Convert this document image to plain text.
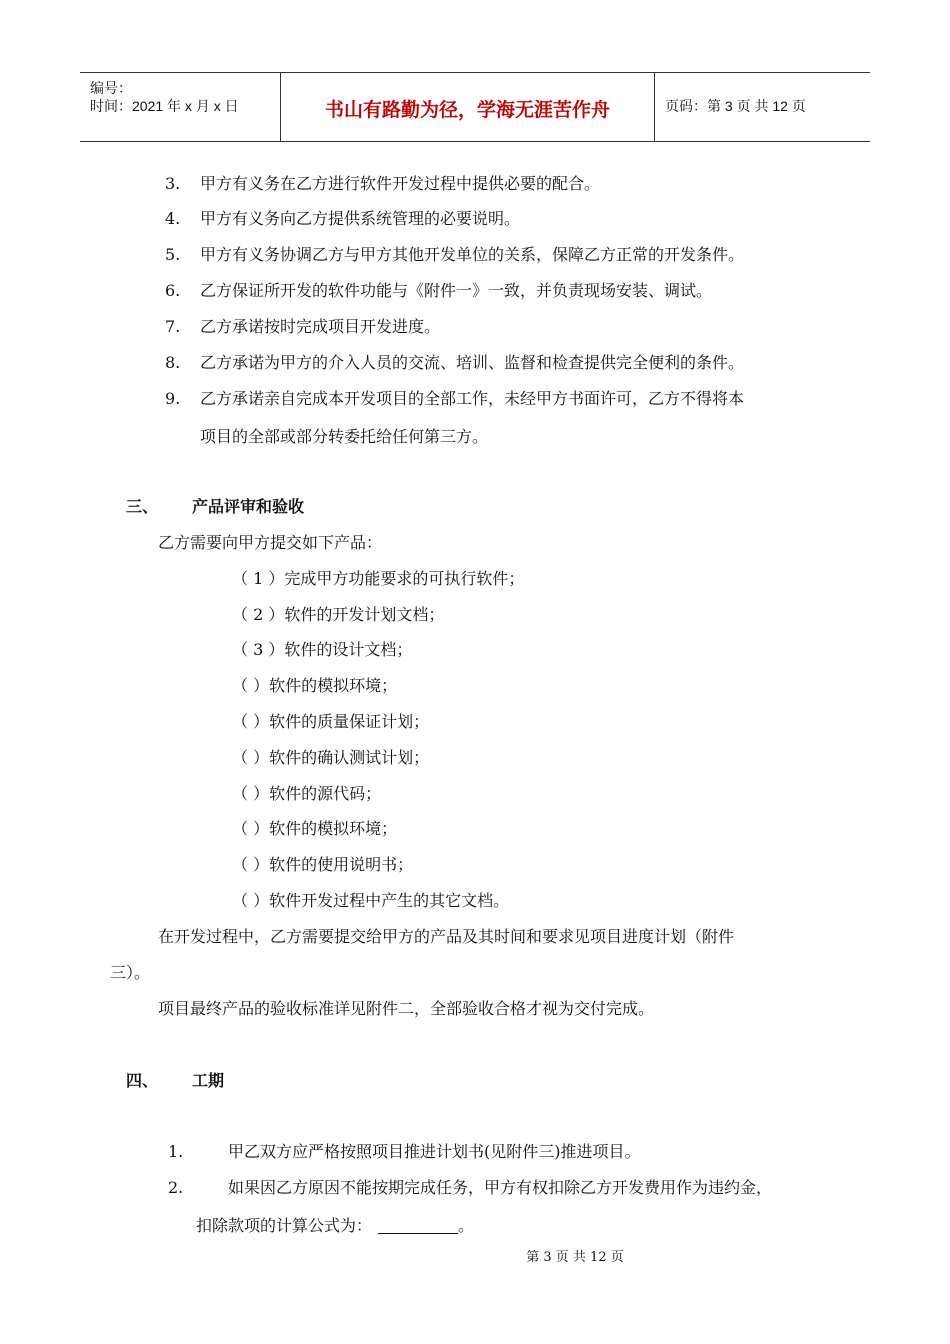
编号：
时间：2021 年 x 月 x 日	书山有路勤为径，学海无涯苦作舟	页码：第 3 页 共 12 页
3. 甲方有义务在乙方进行软件开发过程中提供必要的配合。
4. 甲方有义务向乙方提供系统管理的必要说明。
5. 甲方有义务协调乙方与甲方其他开发单位的关系，保障乙方正常的开发条件。
6. 乙方保证所开发的软件功能与《附件一》一致，并负责现场安装、调试。
7. 乙方承诺按时完成项目开发进度。
8. 乙方承诺为甲方的介入人员的交流、培训、监督和检查提供完全便利的条件。
9. 乙方承诺亲自完成本开发项目的全部工作，未经甲方书面许可，乙方不得将本
项目的全部或部分转委托给任何第三方。
三、 产品评审和验收
乙方需要向甲方提交如下产品：
（ 1 ）完成甲方功能要求的可执行软件；
（ 2 ）软件的开发计划文档；
（ 3 ）软件的设计文档；
（ ）软件的模拟环境；
（ ）软件的质量保证计划；
（ ）软件的确认测试计划；
（ ）软件的源代码；
（ ）软件的模拟环境；
（ ）软件的使用说明书；
（ ）软件开发过程中产生的其它文档。
在开发过程中，乙方需要提交给甲方的产品及其时间和要求见项目进度计划（附件
三）。
项目最终产品的验收标准详见附件二，全部验收合格才视为交付完成。
四、 工期
1.	甲乙双方应严格按照项目推进计划书(见附件三)推进项目。
2.	如果因乙方原因不能按期完成任务，甲方有权扣除乙方开发费用作为违约金，
扣除款项的计算公式为：	。
第 3 页 共 12 页
